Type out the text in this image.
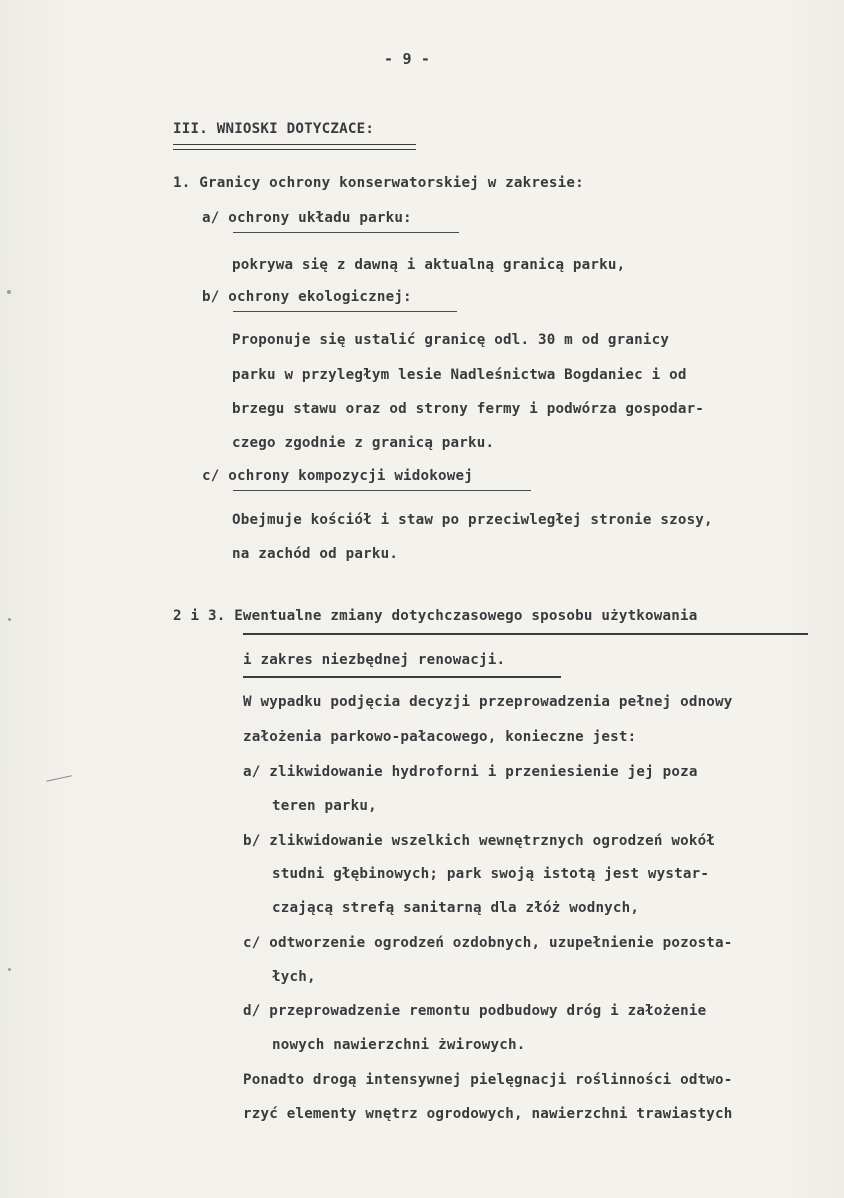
- 9 -
III. WNIOSKI DOTYCZACE:
1. Granicy ochrony konserwatorskiej w zakresie:
a/ ochrony układu parku:
pokrywa się z dawną i aktualną granicą parku,
b/ ochrony ekologicznej:
Proponuje się ustalić granicę odl. 30 m od granicy
parku w przyległym lesie Nadleśnictwa Bogdaniec i od
brzegu stawu oraz od strony fermy i podwórza gospodar-
czego zgodnie z granicą parku.
c/ ochrony kompozycji widokowej
Obejmuje kościół i staw po przeciwległej stronie szosy,
na zachód od parku.
2 i 3. Ewentualne zmiany dotychczasowego sposobu użytkowania
i zakres niezbędnej renowacji.
W wypadku podjęcia decyzji przeprowadzenia pełnej odnowy
założenia parkowo-pałacowego, konieczne jest:
a/ zlikwidowanie hydroforni i przeniesienie jej poza
teren parku,
b/ zlikwidowanie wszelkich wewnętrznych ogrodzeń wokół
studni głębinowych; park swoją istotą jest wystar-
czającą strefą sanitarną dla złóż wodnych,
c/ odtworzenie ogrodzeń ozdobnych, uzupełnienie pozosta-
łych,
d/ przeprowadzenie remontu podbudowy dróg i założenie
nowych nawierzchni żwirowych.
Ponadto drogą intensywnej pielęgnacji roślinności odtwo-
rzyć elementy wnętrz ogrodowych, nawierzchni trawiastych
